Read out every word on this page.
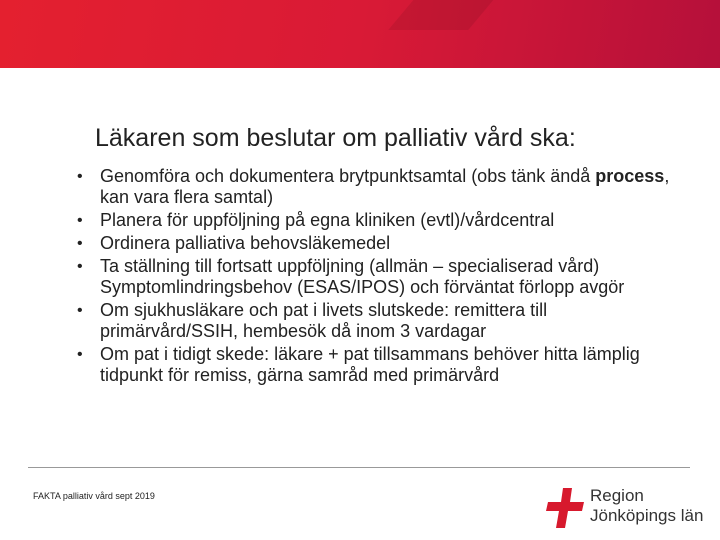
Läkaren som beslutar om palliativ vård ska:
• Genomföra och dokumentera brytpunktsamtal (obs tänk ändå process, kan vara flera samtal)
• Planera för uppföljning på egna kliniken (evtl)/vårdcentral
• Ordinera palliativa behovsläkemedel
• Ta ställning till fortsatt uppföljning (allmän – specialiserad vård) Symptomlindringsbehov (ESAS/IPOS) och förväntat förlopp avgör
• Om sjukhusläkare och pat i livets slutskede: remittera till primärvård/SSIH, hembesök då inom 3 vardagar
• Om pat i tidigt skede: läkare + pat tillsammans behöver hitta lämplig tidpunkt för remiss, gärna samråd med primärvård
FAKTA palliativ vård sept 2019	Region
Jönköpings län
